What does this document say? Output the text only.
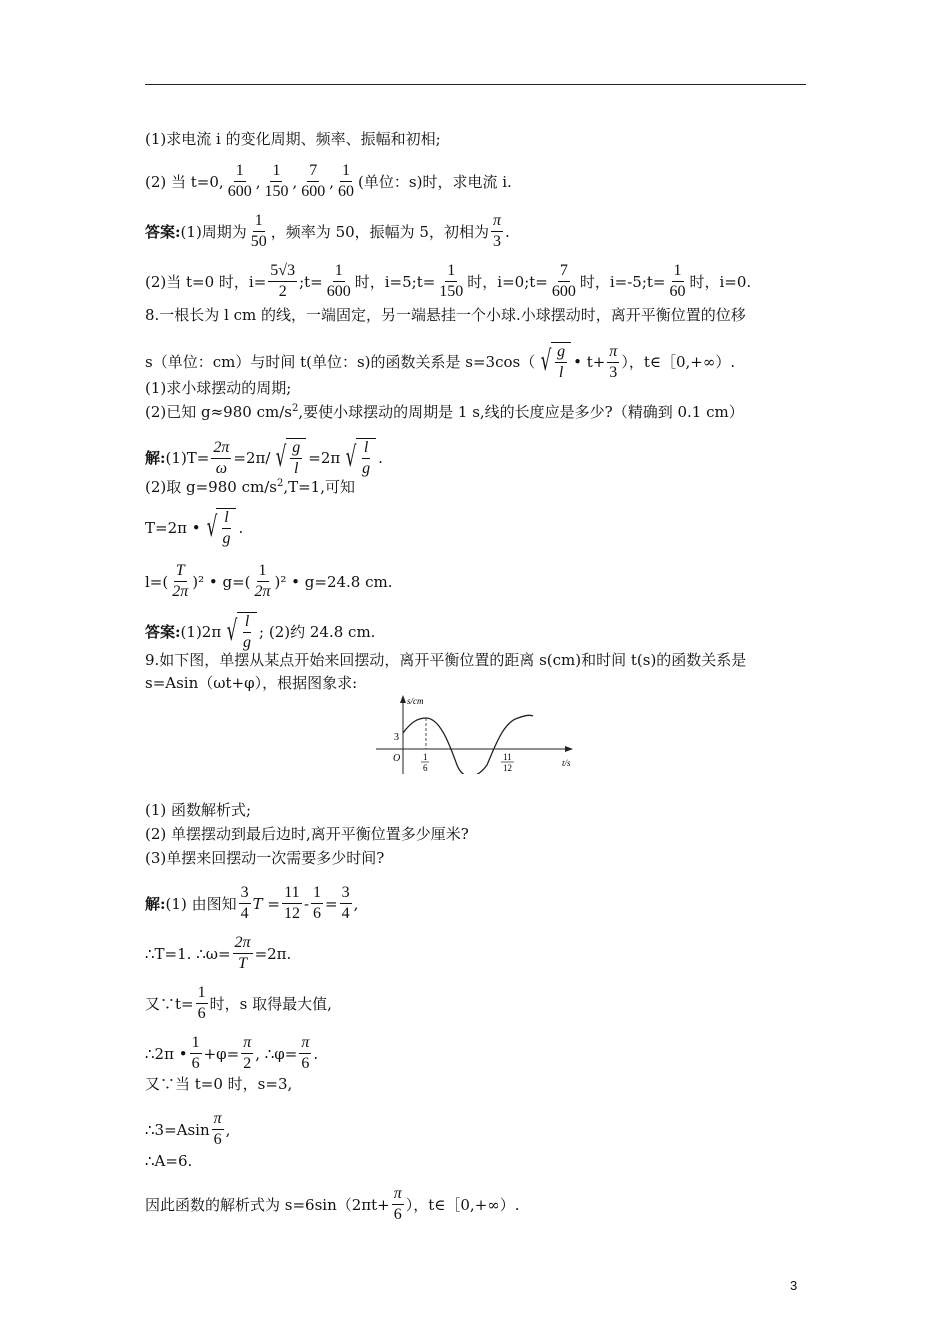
(1)求电流 i 的变化周期、频率、振幅和初相;
(2) 当 t=0, $\frac{1}{600}$ , $\frac{1}{150}$ , $\frac{7}{600}$ , $\frac{1}{60}$ (单位：s)时，求电流 i.
答案: (1)周期为 $\frac{1}{50}$ ，频率为 50，振幅为 5，初相为 $\frac{\pi}{3}$ .
(2)当 t=0 时，$i= \frac{5√3}{2}$ ;t= $\frac{1}{600}$ 时，i=5;t= $\frac{1}{150}$ 时，i=0;t= $\frac{7}{600}$ 时，i=-5;t= $\frac{1}{60}$ 时，i=0.
8.一根长为 l cm 的线，一端固定，另一端悬挂一个小球.小球摆动时，离开平衡位置的位移
s（单位：cm）与时间 t(单位：s)的函数关系是 s=3cos（ √ $\frac{g}{l}$ • $t+ \frac{\pi}{3}$ ），t∈［0,+∞）.
(1)求小球摆动的周期;
(2)已知 g≈980 $cm/s^2$,要使小球摆动的周期是 1 s,线的长度应是多少?（精确到 0.1 cm）
解: $(1)T= \frac{2\pi}{\omega} =2\pi/$ √ $\frac{g}{l} =2\pi$ √ $\frac{l}{g}$ .
(2)取 g=980 $cm/s^2,T=1$,可知
T=2π • √ $\frac{l}{g}$ .
$l=( \frac{T}{2\pi} )^2$ • $g=( \frac{1}{2\pi} )^2$ • g=24.8 cm.
答案: (1)2π √ $\frac{l}{g}$ ; (2)约 24.8 cm.
9.如下图，单摆从某点开始来回摆动，离开平衡位置的距离 s(cm)和时间 t(s)的函数关系是
s=Asin（ωt+φ），根据图象求:
s/cm
3
O	1
6
11
12	t/s
(1) 函数解析式;
(2) 单摆摆动到最后边时,离开平衡位置多少厘米?
(3)单摆来回摆动一次需要多少时间?
解: (1) 由图知 $\frac{3}{4}$ $T = \frac{11}{12} - \frac{1}{6} = \frac{3}{4}$ ,
∴T=1. ∴ω= $\frac{2\pi}{T} =2\pi$.
又∵t= $\frac{1}{6}$ 时，s 取得最大值,
∴2π • $\frac{1}{6} +\varphi= \frac{\pi}{2}$ , ∴φ= $\frac{\pi}{6}$ .
又∵当 t=0 时，s=3,
∴3=Asin $\frac{\pi}{6}$ ,
∴A=6.
因此函数的解析式为 $s=6\sin(2\pi t+ \frac{\pi}{6}$ ），t∈［0,+∞）.
3
